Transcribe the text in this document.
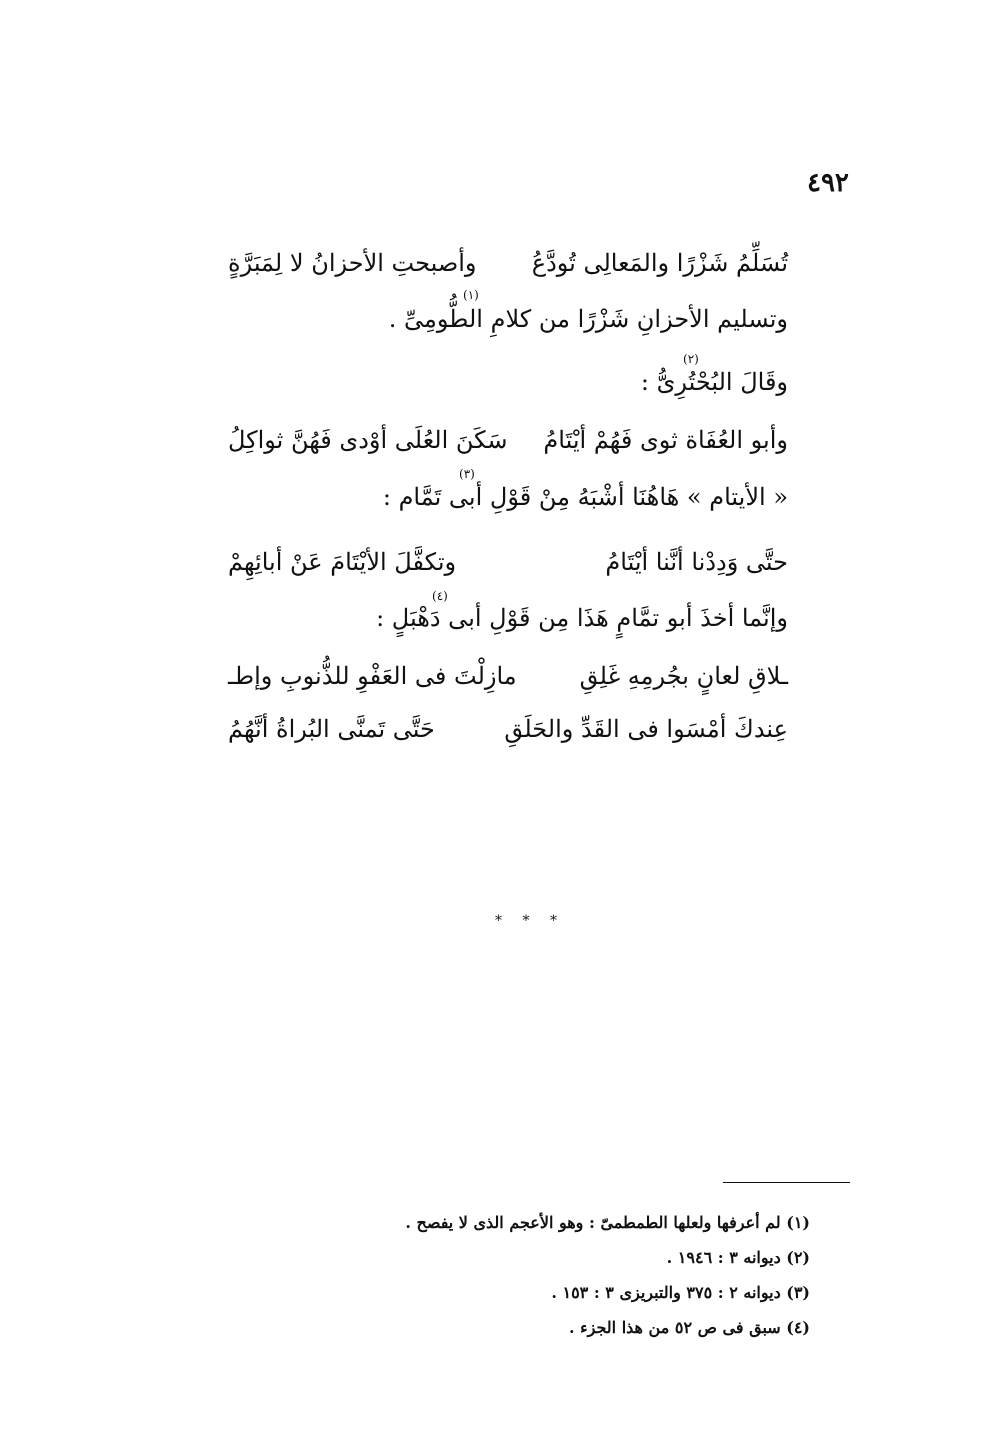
٤٩٢
وأصبحتِ الأحزانُ لا لِمَبَرَّةٍ تُسَلِّمُ شَزْرًا والمَعالِى تُودَّعُ
(١)
وتسليم الأحزانِ شَزْرًا من كلامِ الطُّومِىِّ .
(٢)
وقَالَ البُحْتُرِىُّ :
سَكَنَ العُلَى أوْدى فَهُنَّ ثواكِلُ وأبو العُفَاة ثوى فَهُمْ أيْتَامُ
(٣)
« الأيتام » هَاهُنَا أشْبَهُ مِنْ قَوْلِ أبى تَمَّام :
وتكفَّلَ الأيْتَامَ عَنْ أبائِهِمْ	حتَّى وَدِدْنا أنَّنا أيْتَامُ
(٤)
وإنَّما أخذَ أبو تمَّامٍ هَذَا مِن قَوْلِ أبى دَهْبَلٍ :
مازِلْتَ فى العَفْوِ للذُّنوبِ وإطـ	ـلاقِ لعانٍ بجُرمِهِ غَلِقِ
حَتَّى تَمنَّى البُراةُ أنَّهُمُ	عِندكَ أمْسَوا فى القَدِّ والحَلَقِ
* * *
(١) لم أعرفها ولعلها الطمطمىّ : وهو الأعجم الذى لا يفصح .
(٢) ديوانه ٣ : ١٩٤٦ .
(٣) ديوانه ٢ : ٣٧٥ والتبريزى ٣ : ١٥٣ .
(٤) سبق فى ص ٥٢ من هذا الجزء .
